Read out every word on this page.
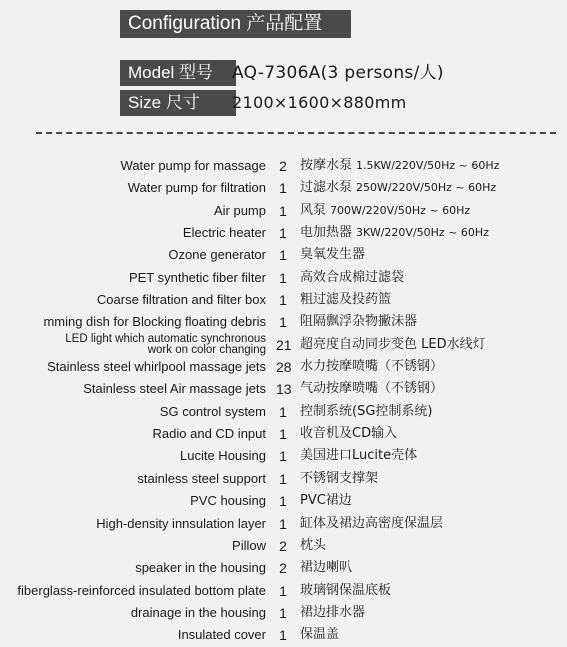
Configuration 产品配置
Model 型号	AQ-7306A(3 persons/人)
Size 尺寸	2100×1600×880mm
Water pump for massage 2 按摩水泵 1.5KW/220V/50Hz ~ 60Hz
Water pump for filtration 1 过滤水泵 250W/220V/50Hz ~ 60Hz
Air pump 1 风泵 700W/220V/50Hz ~ 60Hz
Electric heater 1 电加热器 3KW/220V/50Hz ~ 60Hz
Ozone generator 1 臭氧发生器
PET synthetic fiber filter 1 高效合成棉过滤袋
Coarse filtration and filter box 1 粗过滤及投药篮
mming dish for Blocking floating debris 1 阻隔飘浮杂物撇沫器
LED light which automatic synchronous
work on color changing 21 超亮度自动同步变色 LED水线灯
Stainless steel whirlpool massage jets 28 水力按摩喷嘴（不锈钢）
Stainless steel Air massage jets 13 气动按摩喷嘴（不锈钢）
SG control system 1 控制系统(SG控制系统)
Radio and CD input 1 收音机及CD输入
Lucite Housing 1 美国进口Lucite壳体
stainless steel support 1 不锈钢支撑架
PVC housing 1 PVC裙边
High-density innsulation layer 1 缸体及裙边高密度保温层
Pillow 2 枕头
speaker in the housing 2 裙边喇叭
fiberglass-reinforced insulated bottom plate 1 玻璃钢保温底板
drainage in the housing 1 裙边排水器
Insulated cover 1 保温盖
